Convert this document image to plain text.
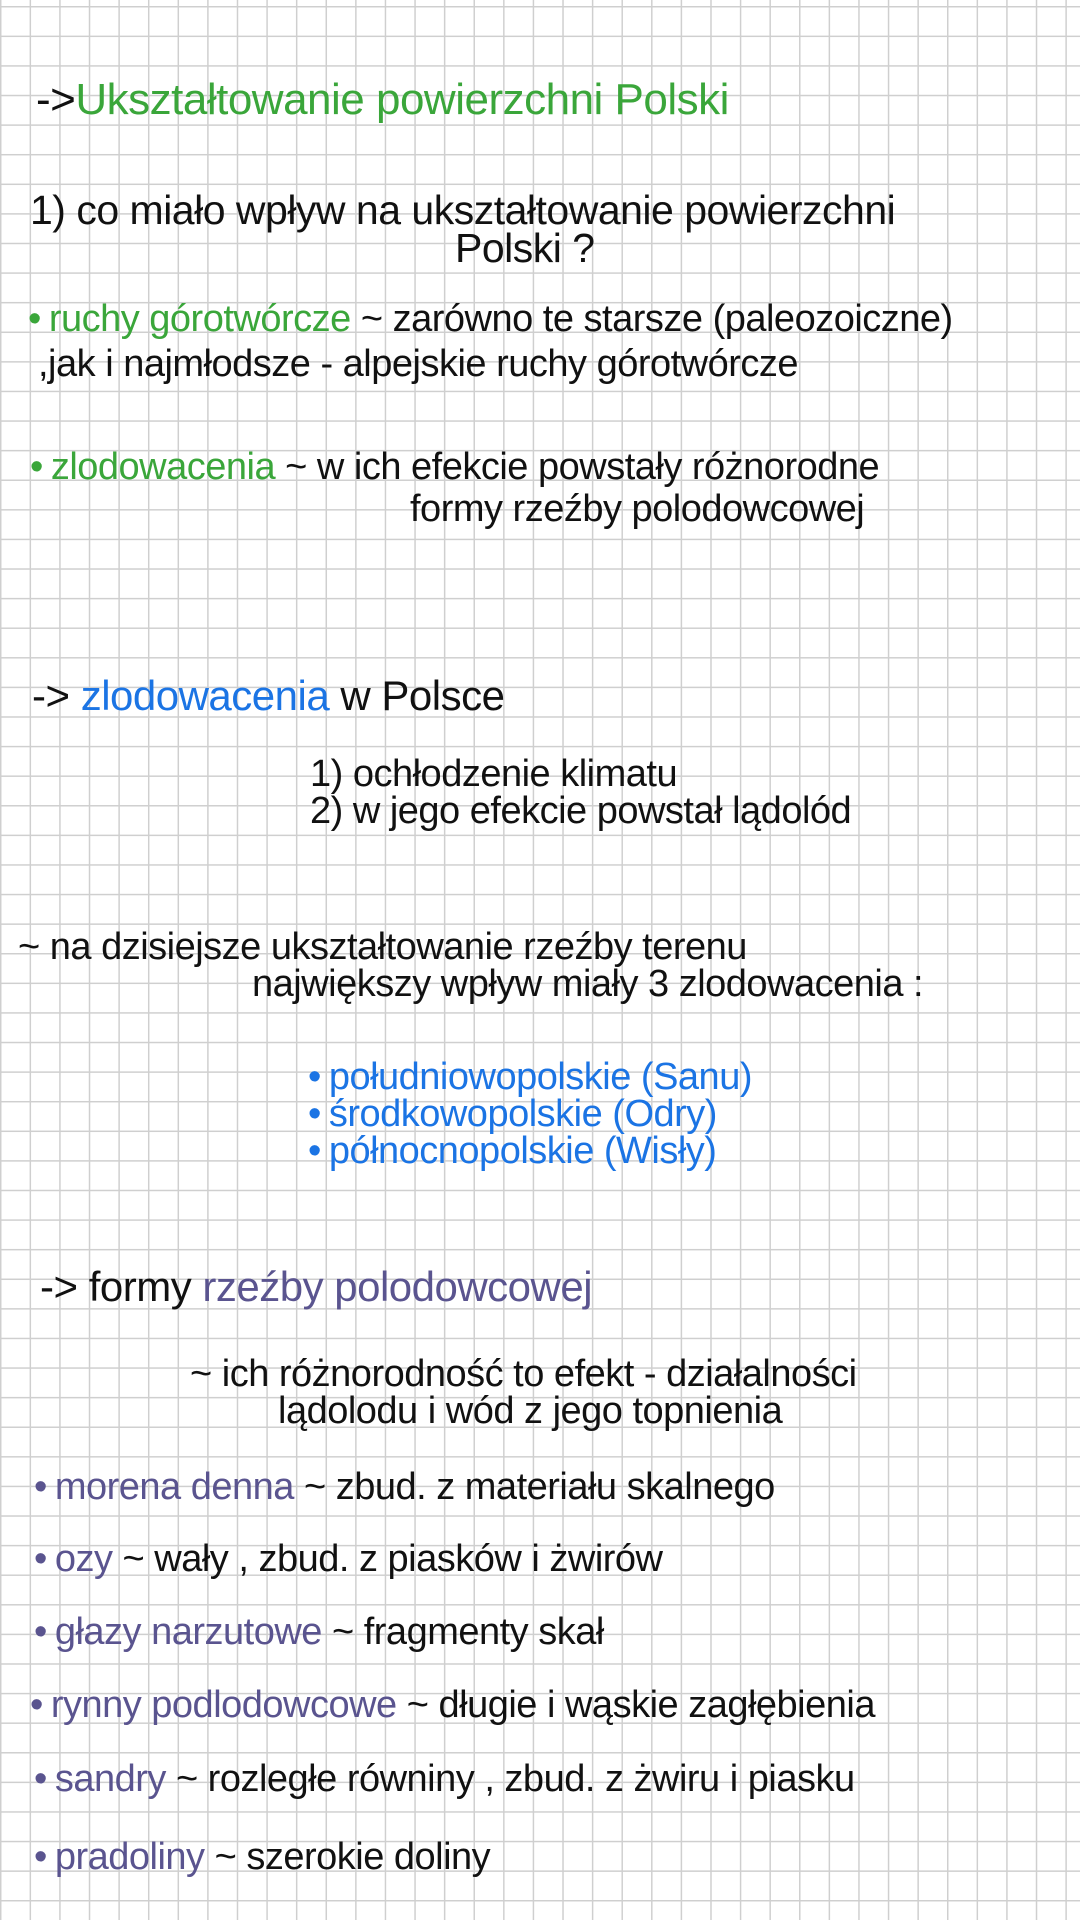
->Ukształtowanie powierzchni Polski
1) co miało wpływ na ukształtowanie powierzchni
Polski ?
• ruchy górotwórcze ~ zarówno te starsze (paleozoiczne)
,jak i najmłodsze - alpejskie ruchy górotwórcze
• zlodowacenia ~ w ich efekcie powstały różnorodne
formy rzeźby polodowcowej
-> zlodowacenia w Polsce
1) ochłodzenie klimatu
2) w jego efekcie powstał lądolód
~ na dzisiejsze ukształtowanie rzeźby terenu
największy wpływ miały 3 zlodowacenia :
• południowopolskie (Sanu)
• środkowopolskie (Odry)
• północnopolskie (Wisły)
-> formy rzeźby polodowcowej
~ ich różnorodność to efekt - działalności
lądolodu i wód z jego topnienia
• morena denna ~ zbud. z materiału skalnego
• ozy ~ wały , zbud. z piasków i żwirów
• głazy narzutowe ~ fragmenty skał
• rynny podlodowcowe ~ długie i wąskie zagłębienia
• sandry ~ rozległe równiny , zbud. z żwiru i piasku
• pradoliny ~ szerokie doliny
